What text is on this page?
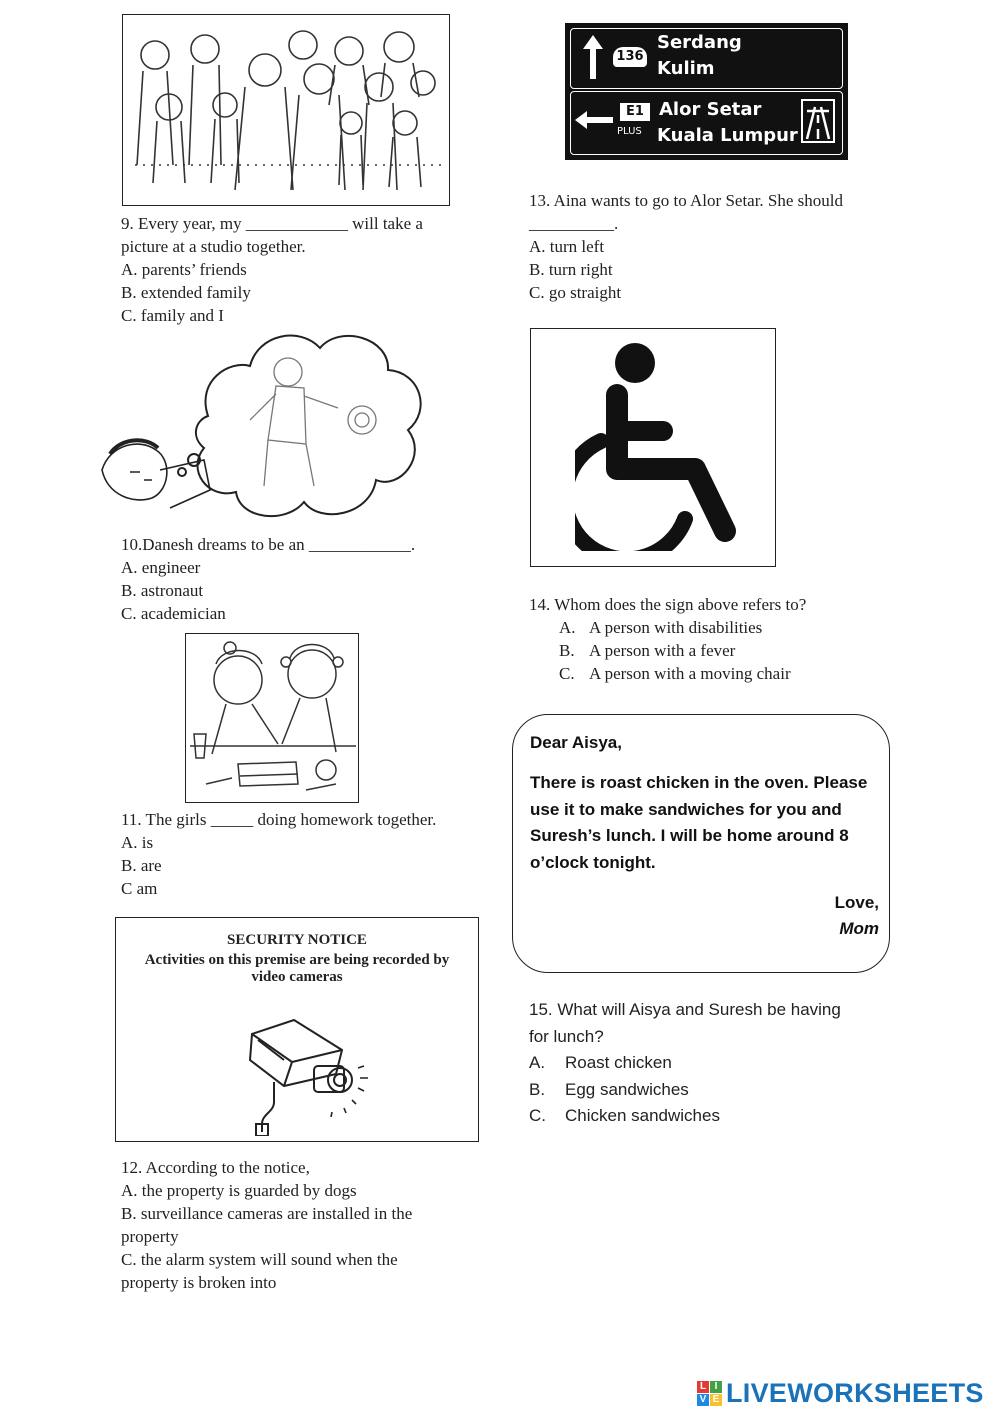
9. Every year, my ____________ will take a
picture at a studio together.
A. parents’ friends
B. extended family
C. family and I
10.Danesh dreams to be an ____________.
A. engineer
B. astronaut
C. academician
11. The girls _____ doing homework together.
A. is
B. are
C am
SECURITY NOTICE
Activities on this premise are being recorded by
video cameras
12. According to the notice,
A. the property is guarded by dogs
B. surveillance cameras are installed in the
property
C. the alarm system will sound when the
property is broken into
136
Serdang
Kulim
E1
PLUS
Alor Setar
Kuala Lumpur
13. Aina wants to go to Alor Setar. She should
__________.
A. turn left
B. turn right
C. go straight
14. Whom does the sign above refers to?
A. A person with disabilities
B. A person with a fever
C. A person with a moving chair
Dear Aisya,
There is roast chicken in the oven. Please
use it to make sandwiches for you and
Suresh’s lunch. I will be home around 8
o’clock tonight.
Love,
Mom
15. What will Aisya and Suresh be having
for lunch?
A. Roast chicken
B. Egg sandwiches
C. Chicken sandwiches
L I
V E LIVEWORKSHEETS
